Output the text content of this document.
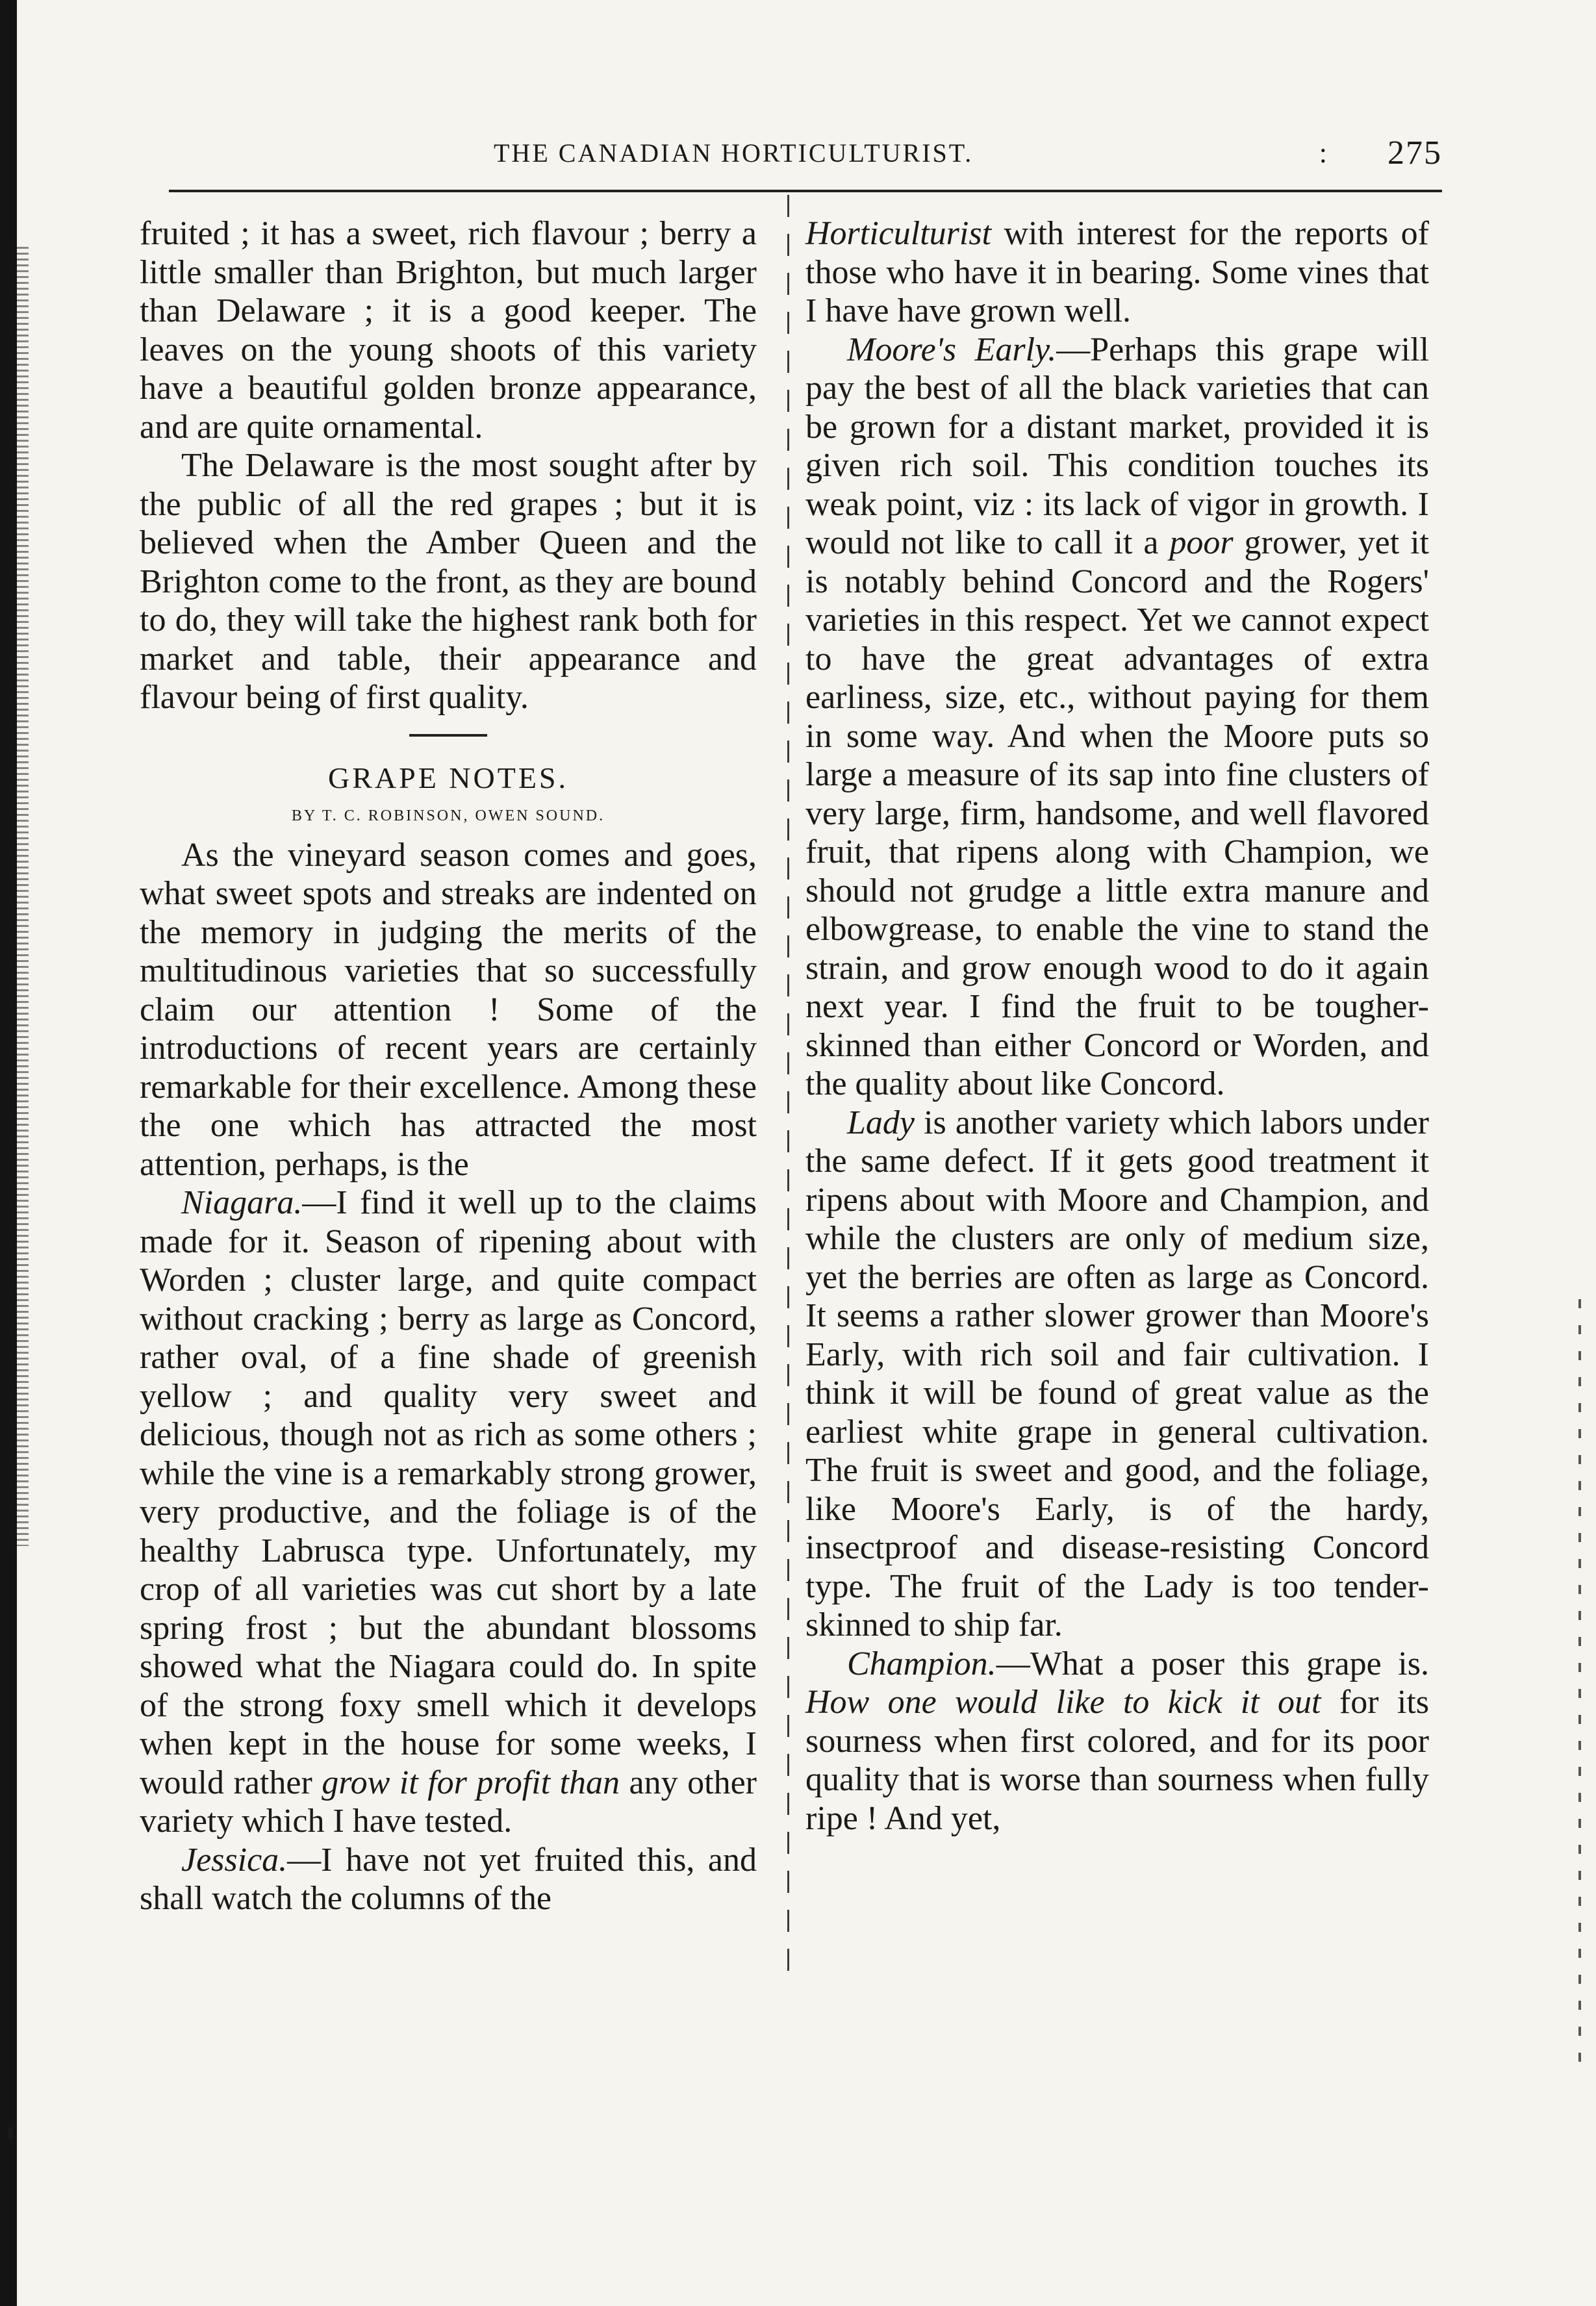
THE CANADIAN HORTICULTURIST.	: 275

fruited ; it has a sweet, rich flavour ; berry a little smaller than Brighton, but much larger than Delaware ; it is a good keeper. The leaves on the young shoots of this variety have a beautiful golden bronze appearance, and are quite ornamental.

The Delaware is the most sought after by the public of all the red grapes ; but it is believed when the Amber Queen and the Brighton come to the front, as they are bound to do, they will take the highest rank both for market and table, their appearance and flavour being of first quality.

GRAPE NOTES.

BY T. C. ROBINSON, OWEN SOUND.

As the vineyard season comes and goes, what sweet spots and streaks are indented on the memory in judging the merits of the multitudinous varieties that so successfully claim our attention ! Some of the introductions of recent years are certainly remarkable for their excellence. Among these the one which has attracted the most attention, perhaps, is the

Niagara.—I find it well up to the claims made for it. Season of ripening about with Worden ; cluster large, and quite compact without cracking ; berry as large as Concord, rather oval, of a fine shade of greenish yellow ; and quality very sweet and delicious, though not as rich as some others ; while the vine is a remarkably strong grower, very productive, and the foliage is of the healthy Labrusca type. Unfortunately, my crop of all varieties was cut short by a late spring frost ; but the abundant blossoms showed what the Niagara could do. In spite of the strong foxy smell which it develops when kept in the house for some weeks, I would rather grow it for profit than any other variety which I have tested.

Jessica.—I have not yet fruited this, and shall watch the columns of the

Horticulturist with interest for the reports of those who have it in bearing. Some vines that I have have grown well.

Moore's Early.—Perhaps this grape will pay the best of all the black varieties that can be grown for a distant market, provided it is given rich soil. This condition touches its weak point, viz : its lack of vigor in growth. I would not like to call it a poor grower, yet it is notably behind Concord and the Rogers' varieties in this respect. Yet we cannot expect to have the great advantages of extra earliness, size, etc., without paying for them in some way. And when the Moore puts so large a measure of its sap into fine clusters of very large, firm, handsome, and well flavored fruit, that ripens along with Champion, we should not grudge a little extra manure and elbowgrease, to enable the vine to stand the strain, and grow enough wood to do it again next year. I find the fruit to be tougher-skinned than either Concord or Worden, and the quality about like Concord.

Lady is another variety which labors under the same defect. If it gets good treatment it ripens about with Moore and Champion, and while the clusters are only of medium size, yet the berries are often as large as Concord. It seems a rather slower grower than Moore's Early, with rich soil and fair cultivation. I think it will be found of great value as the earliest white grape in general cultivation. The fruit is sweet and good, and the foliage, like Moore's Early, is of the hardy, insectproof and disease-resisting Concord type. The fruit of the Lady is too tender-skinned to ship far.

Champion.—What a poser this grape is. How one would like to kick it out for its sourness when first colored, and for its poor quality that is worse than sourness when fully ripe ! And yet,
